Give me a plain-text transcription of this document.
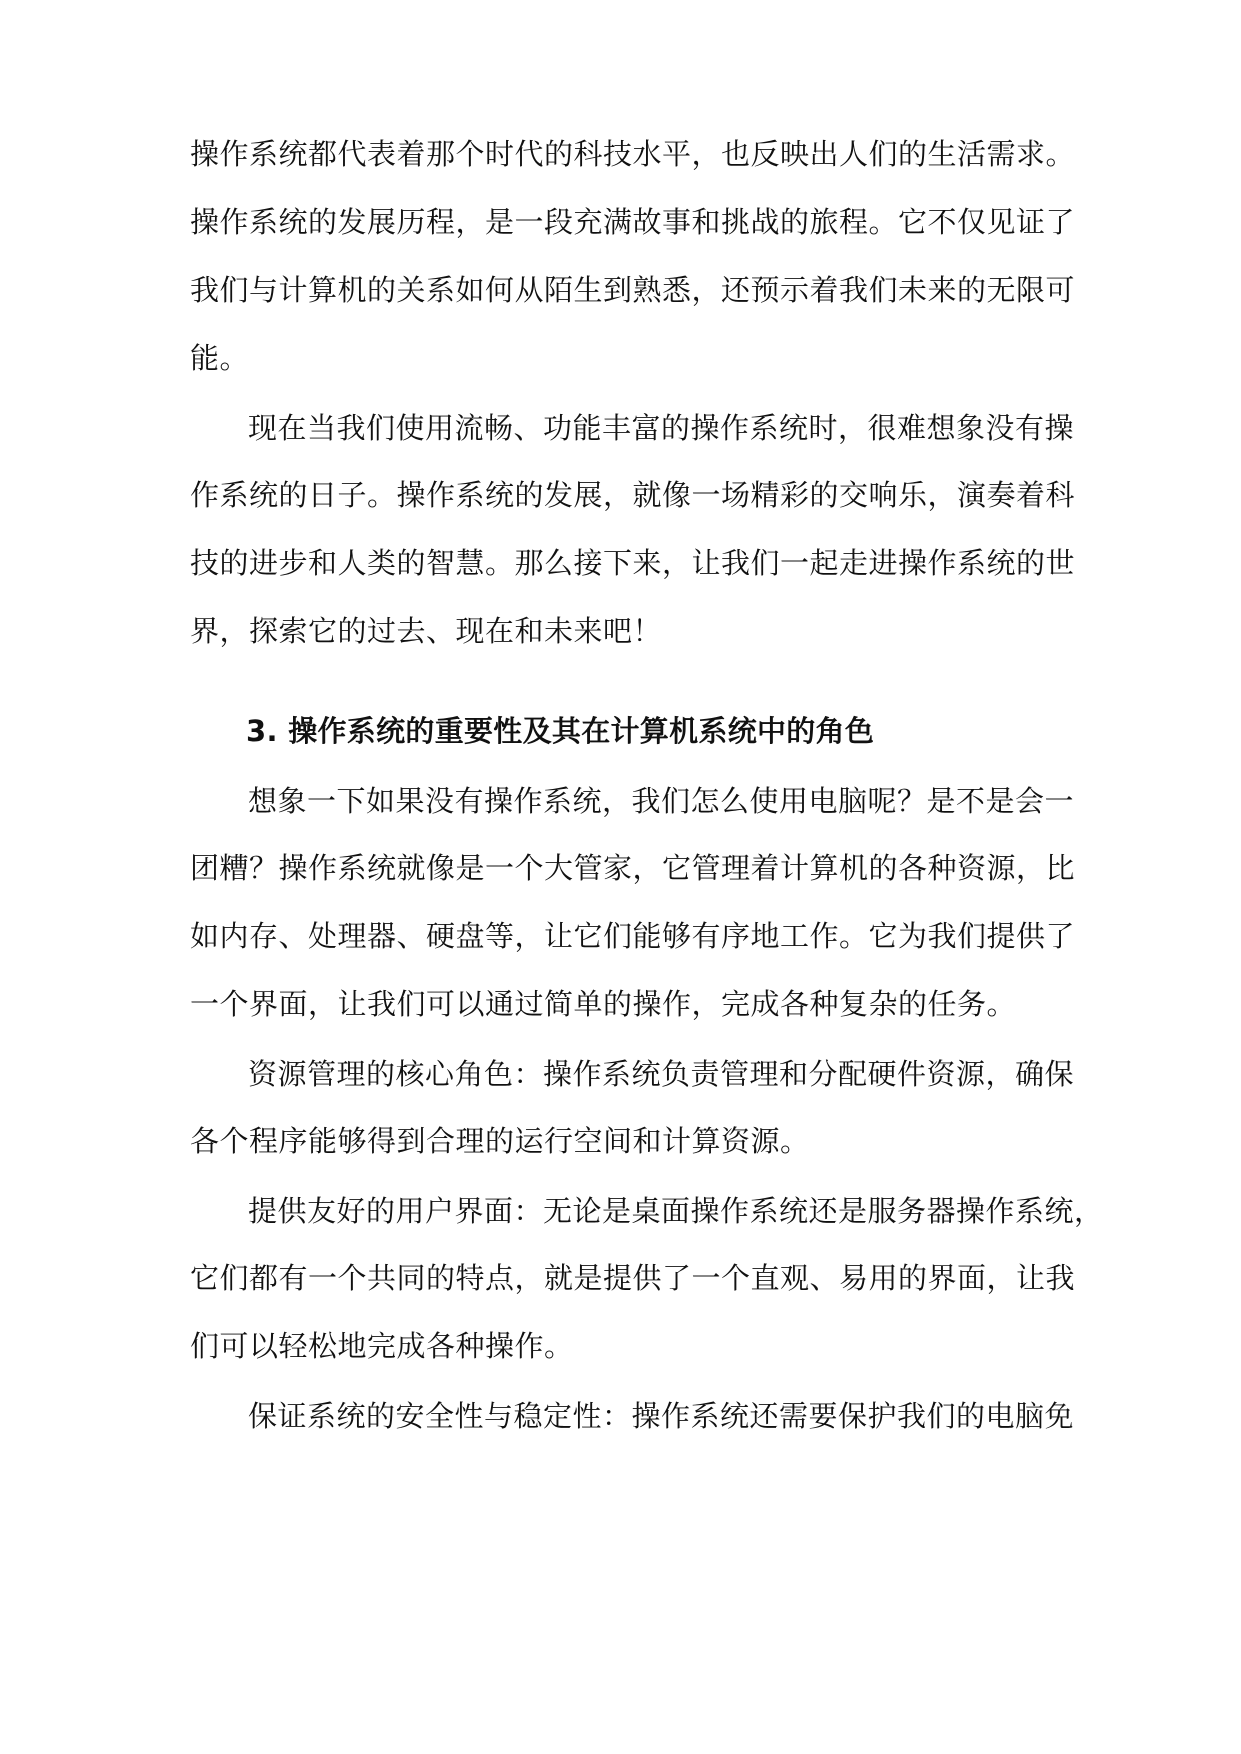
操作系统都代表着那个时代的科技水平，也反映出人们的生活需求。
操作系统的发展历程，是一段充满故事和挑战的旅程。它不仅见证了
我们与计算机的关系如何从陌生到熟悉，还预示着我们未来的无限可
能。
现在当我们使用流畅、功能丰富的操作系统时，很难想象没有操
作系统的日子。操作系统的发展，就像一场精彩的交响乐，演奏着科
技的进步和人类的智慧。那么接下来，让我们一起走进操作系统的世
界，探索它的过去、现在和未来吧！
3. 操作系统的重要性及其在计算机系统中的角色
想象一下如果没有操作系统，我们怎么使用电脑呢？是不是会一
团糟？操作系统就像是一个大管家，它管理着计算机的各种资源，比
如内存、处理器、硬盘等，让它们能够有序地工作。它为我们提供了
一个界面，让我们可以通过简单的操作，完成各种复杂的任务。
资源管理的核心角色：操作系统负责管理和分配硬件资源，确保
各个程序能够得到合理的运行空间和计算资源。
提供友好的用户界面：无论是桌面操作系统还是服务器操作系统，
它们都有一个共同的特点，就是提供了一个直观、易用的界面，让我
们可以轻松地完成各种操作。
保证系统的安全性与稳定性：操作系统还需要保护我们的电脑免
